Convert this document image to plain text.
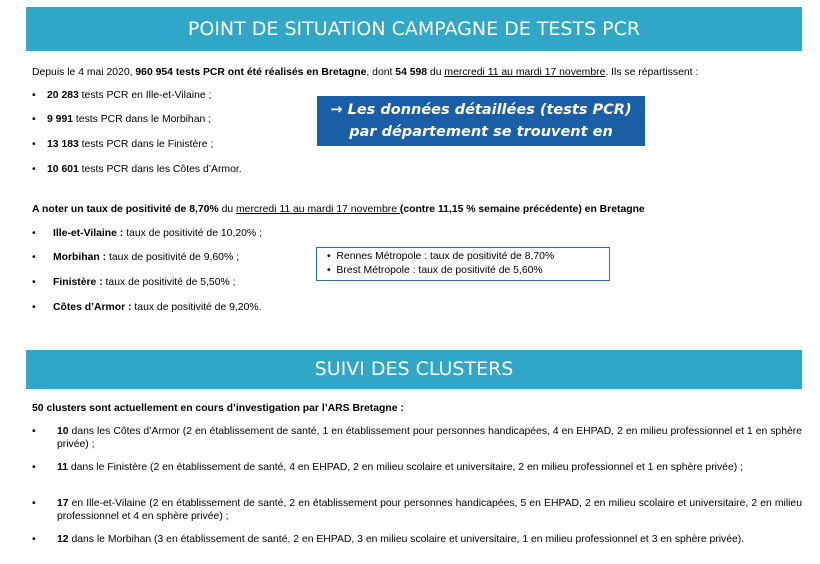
POINT DE SITUATION CAMPAGNE DE TESTS PCR
Depuis le 4 mai 2020, 960 954 tests PCR ont été réalisés en Bretagne, dont 54 598 du mercredi 11 au mardi 17 novembre. Ils se répartissent :
• 20 283 tests PCR en Ille-et-Vilaine ;
• 9 991 tests PCR dans le Morbihan ;
• 13 183 tests PCR dans le Finistère ;
• 10 601 tests PCR dans les Côtes d’Armor.
→ Les données détaillées (tests PCR)
par département se trouvent en annexe
A noter un taux de positivité de 8,70% du mercredi 11 au mardi 17 novembre (contre 11,15 % semaine précédente) en Bretagne
• Ille-et-Vilaine : taux de positivité de 10,20% ;
• Morbihan : taux de positivité de 9,60% ;
• Finistère : taux de positivité de 5,50% ;
• Côtes d’Armor : taux de positivité de 9,20%.
• Rennes Métropole : taux de positivité de 8,70%
• Brest Métropole : taux de positivité de 5,60%
SUIVI DES CLUSTERS
50 clusters sont actuellement en cours d’investigation par l’ARS Bretagne :
• 10 dans les Côtes d’Armor (2 en établissement de santé, 1 en établissement pour personnes handicapées, 4 en EHPAD, 2 en milieu professionnel et 1 en sphère privée) ;
• 11 dans le Finistère (2 en établissement de santé, 4 en EHPAD, 2 en milieu scolaire et universitaire, 2 en milieu professionnel et 1 en sphère privée) ;
• 17 en Ille-et-Vilaine (2 en établissement de santé, 2 en établissement pour personnes handicapées, 5 en EHPAD, 2 en milieu scolaire et universitaire, 2 en milieu professionnel et 4 en sphère privée) ;
• 12 dans le Morbihan (3 en établissement de santé, 2 en EHPAD, 3 en milieu scolaire et universitaire, 1 en milieu professionnel et 3 en sphère privée).
